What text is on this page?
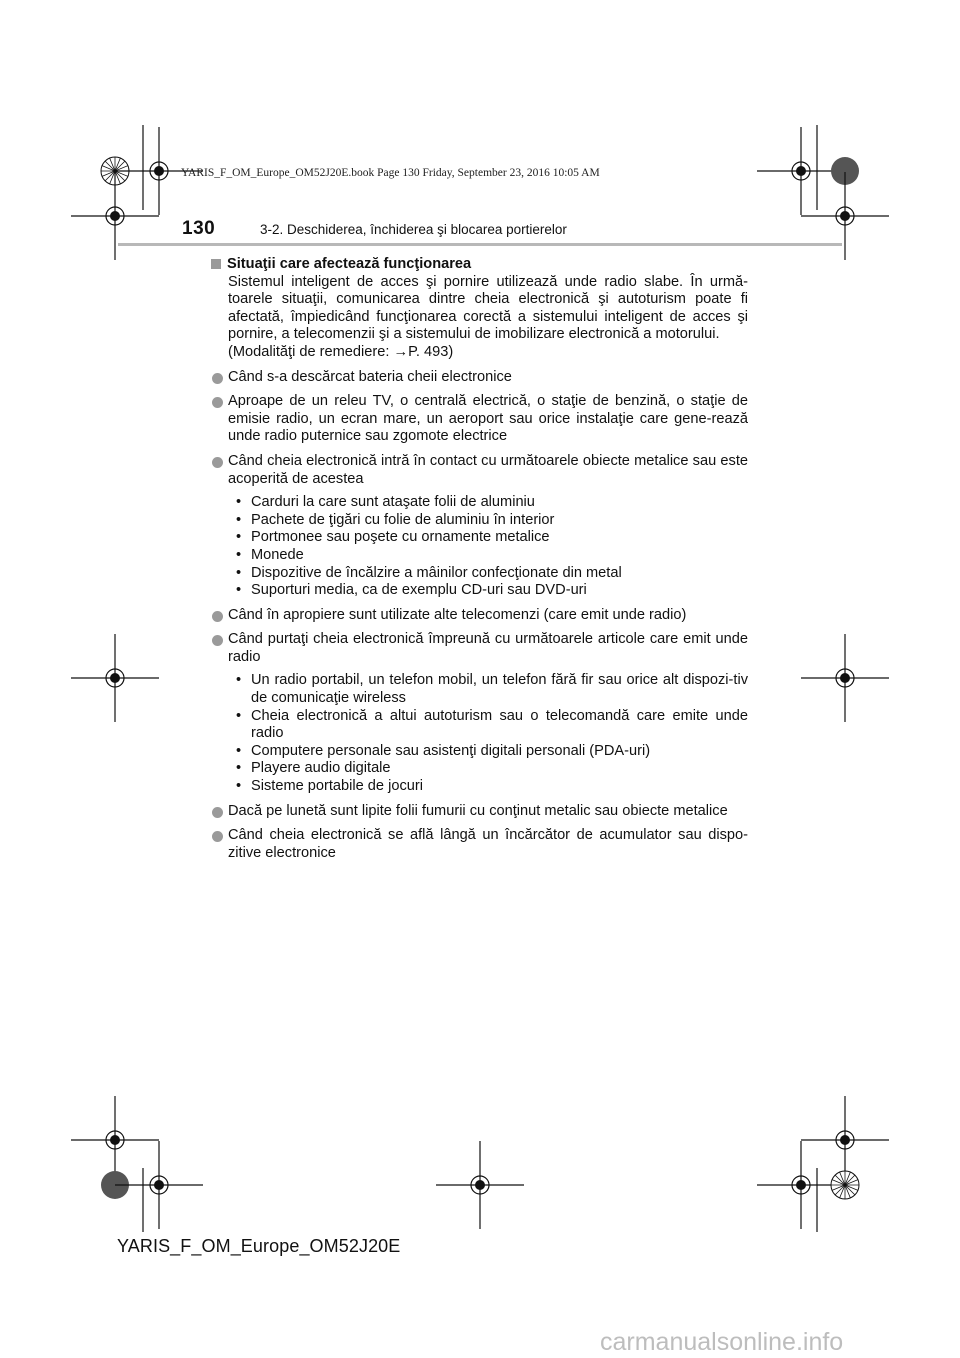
YARIS_F_OM_Europe_OM52J20E.book Page 130 Friday, September 23, 2016 10:05 AM
130	3-2. Deschiderea, închiderea şi blocarea portierelor
Situaţii care afectează funcţionarea
Sistemul inteligent de acces şi pornire utilizează unde radio slabe. În urmă-toarele situaţii, comunicarea dintre cheia electronică şi autoturism poate fi afectată, împiedicând funcţionarea corectă a sistemului inteligent de acces şi pornire, a telecomenzii şi a sistemului de imobilizare electronică a motorului.
(Modalităţi de remediere: →P. 493)
Când s-a descărcat bateria cheii electronice
Aproape de un releu TV, o centrală electrică, o staţie de benzină, o staţie de emisie radio, un ecran mare, un aeroport sau orice instalaţie care gene-rează unde radio puternice sau zgomote electrice
Când cheia electronică intră în contact cu următoarele obiecte metalice sau este acoperită de acestea
• Carduri la care sunt ataşate folii de aluminiu
• Pachete de ţigări cu folie de aluminiu în interior
• Portmonee sau poşete cu ornamente metalice
• Monede
• Dispozitive de încălzire a mâinilor confecţionate din metal
• Suporturi media, ca de exemplu CD-uri sau DVD-uri
Când în apropiere sunt utilizate alte telecomenzi (care emit unde radio)
Când purtaţi cheia electronică împreună cu următoarele articole care emit unde radio
• Un radio portabil, un telefon mobil, un telefon fără fir sau orice alt dispozi-tiv de comunicaţie wireless
• Cheia electronică a altui autoturism sau o telecomandă care emite unde radio
• Computere personale sau asistenţi digitali personali (PDA-uri)
• Playere audio digitale
• Sisteme portabile de jocuri
Dacă pe lunetă sunt lipite folii fumurii cu conţinut metalic sau obiecte metalice
Când cheia electronică se află lângă un încărcător de acumulator sau dispo-zitive electronice
YARIS_F_OM_Europe_OM52J20E
carmanualsonline.info
